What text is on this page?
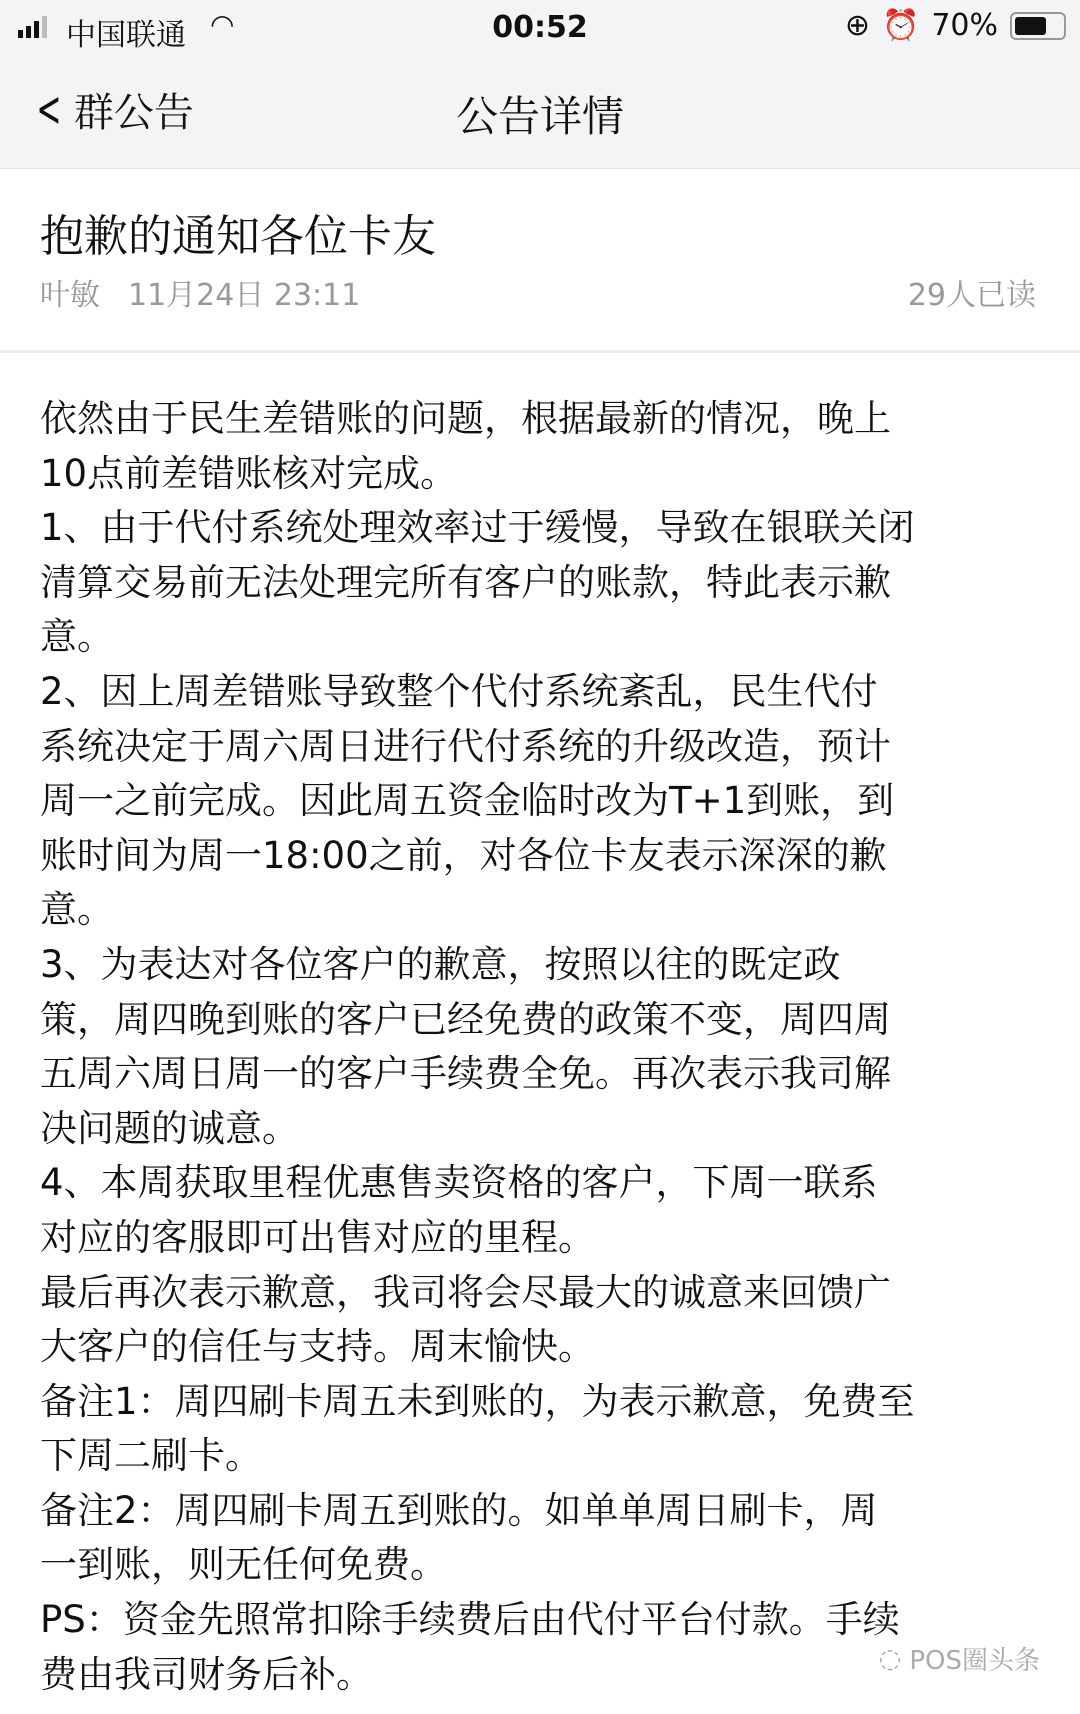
中国联通 ◠	00:52	⊕ ⏰ 70%
< 群公告	公告详情
抱歉的通知各位卡友
叶敏 11月24日 23:11	29人已读
依然由于民生差错账的问题，根据最新的情况，晚上
10点前差错账核对完成。
1、由于代付系统处理效率过于缓慢，导致在银联关闭
清算交易前无法处理完所有客户的账款，特此表示歉
意。
2、因上周差错账导致整个代付系统紊乱，民生代付
系统决定于周六周日进行代付系统的升级改造，预计
周一之前完成。因此周五资金临时改为T+1到账，到
账时间为周一18:00之前，对各位卡友表示深深的歉
意。
3、为表达对各位客户的歉意，按照以往的既定政
策，周四晚到账的客户已经免费的政策不变，周四周
五周六周日周一的客户手续费全免。再次表示我司解
决问题的诚意。
4、本周获取里程优惠售卖资格的客户，下周一联系
对应的客服即可出售对应的里程。
最后再次表示歉意，我司将会尽最大的诚意来回馈广
大客户的信任与支持。周末愉快。
备注1：周四刷卡周五未到账的，为表示歉意，免费至
下周二刷卡。
备注2：周四刷卡周五到账的。如单单周日刷卡，周
一到账，则无任何免费。
PS：资金先照常扣除手续费后由代付平台付款。手续
费由我司财务后补。	◌ POS圈头条
